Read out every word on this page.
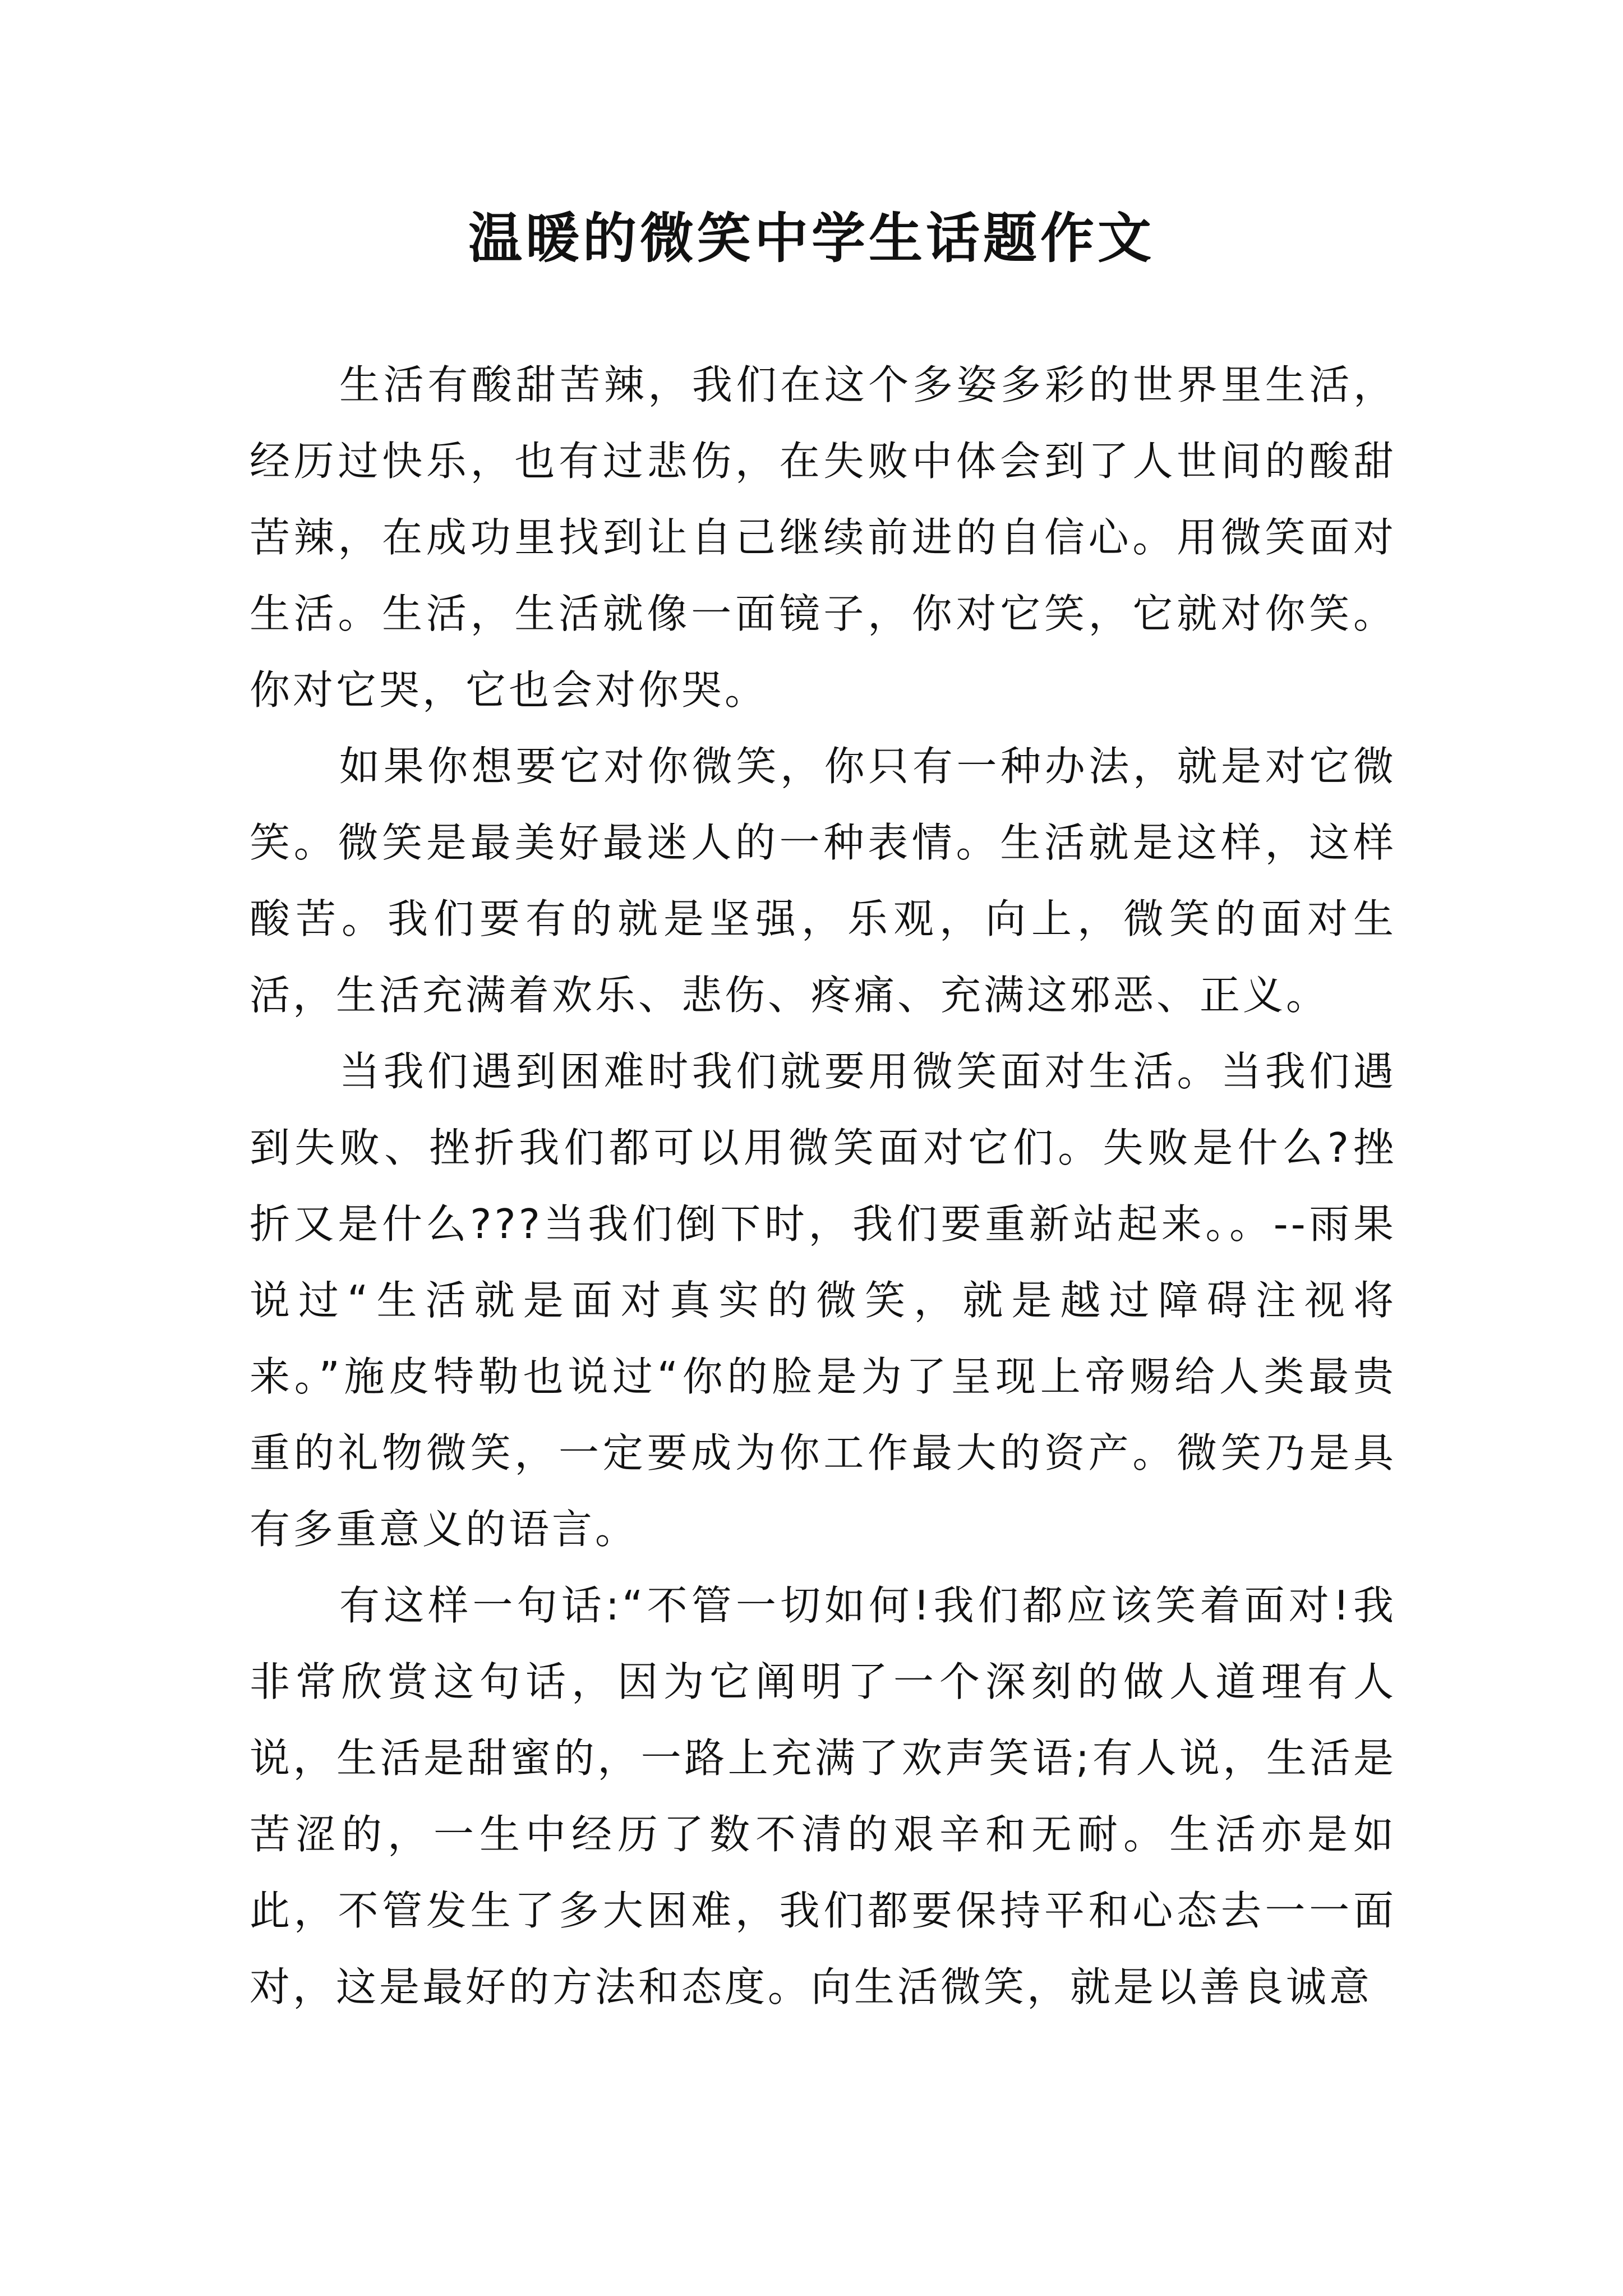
温暖的微笑中学生话题作文

生活有酸甜苦辣，我们在这个多姿多彩的世界里生活，经历过快乐，也有过悲伤，在失败中体会到了人世间的酸甜苦辣，在成功里找到让自己继续前进的自信心。用微笑面对生活。生活，生活就像一面镜子，你对它笑，它就对你笑。你对它哭，它也会对你哭。

如果你想要它对你微笑，你只有一种办法，就是对它微笑。微笑是最美好最迷人的一种表情。生活就是这样，这样酸苦。我们要有的就是坚强，乐观，向上，微笑的面对生活，生活充满着欢乐、悲伤、疼痛、充满这邪恶、正义。

当我们遇到困难时我们就要用微笑面对生活。当我们遇到失败、挫折我们都可以用微笑面对它们。失败是什么?挫折又是什么???当我们倒下时，我们要重新站起来。。--雨果说过“生活就是面对真实的微笑，就是越过障碍注视将来。”施皮特勒也说过“你的脸是为了呈现上帝赐给人类最贵重的礼物微笑，一定要成为你工作最大的资产。微笑乃是具有多重意义的语言。

有这样一句话:“不管一切如何!我们都应该笑着面对!我非常欣赏这句话，因为它阐明了一个深刻的做人道理有人说，生活是甜蜜的，一路上充满了欢声笑语;有人说，生活是苦涩的，一生中经历了数不清的艰辛和无耐。生活亦是如此，不管发生了多大困难，我们都要保持平和心态去一一面对，这是最好的方法和态度。向生活微笑，就是以善良诚意
